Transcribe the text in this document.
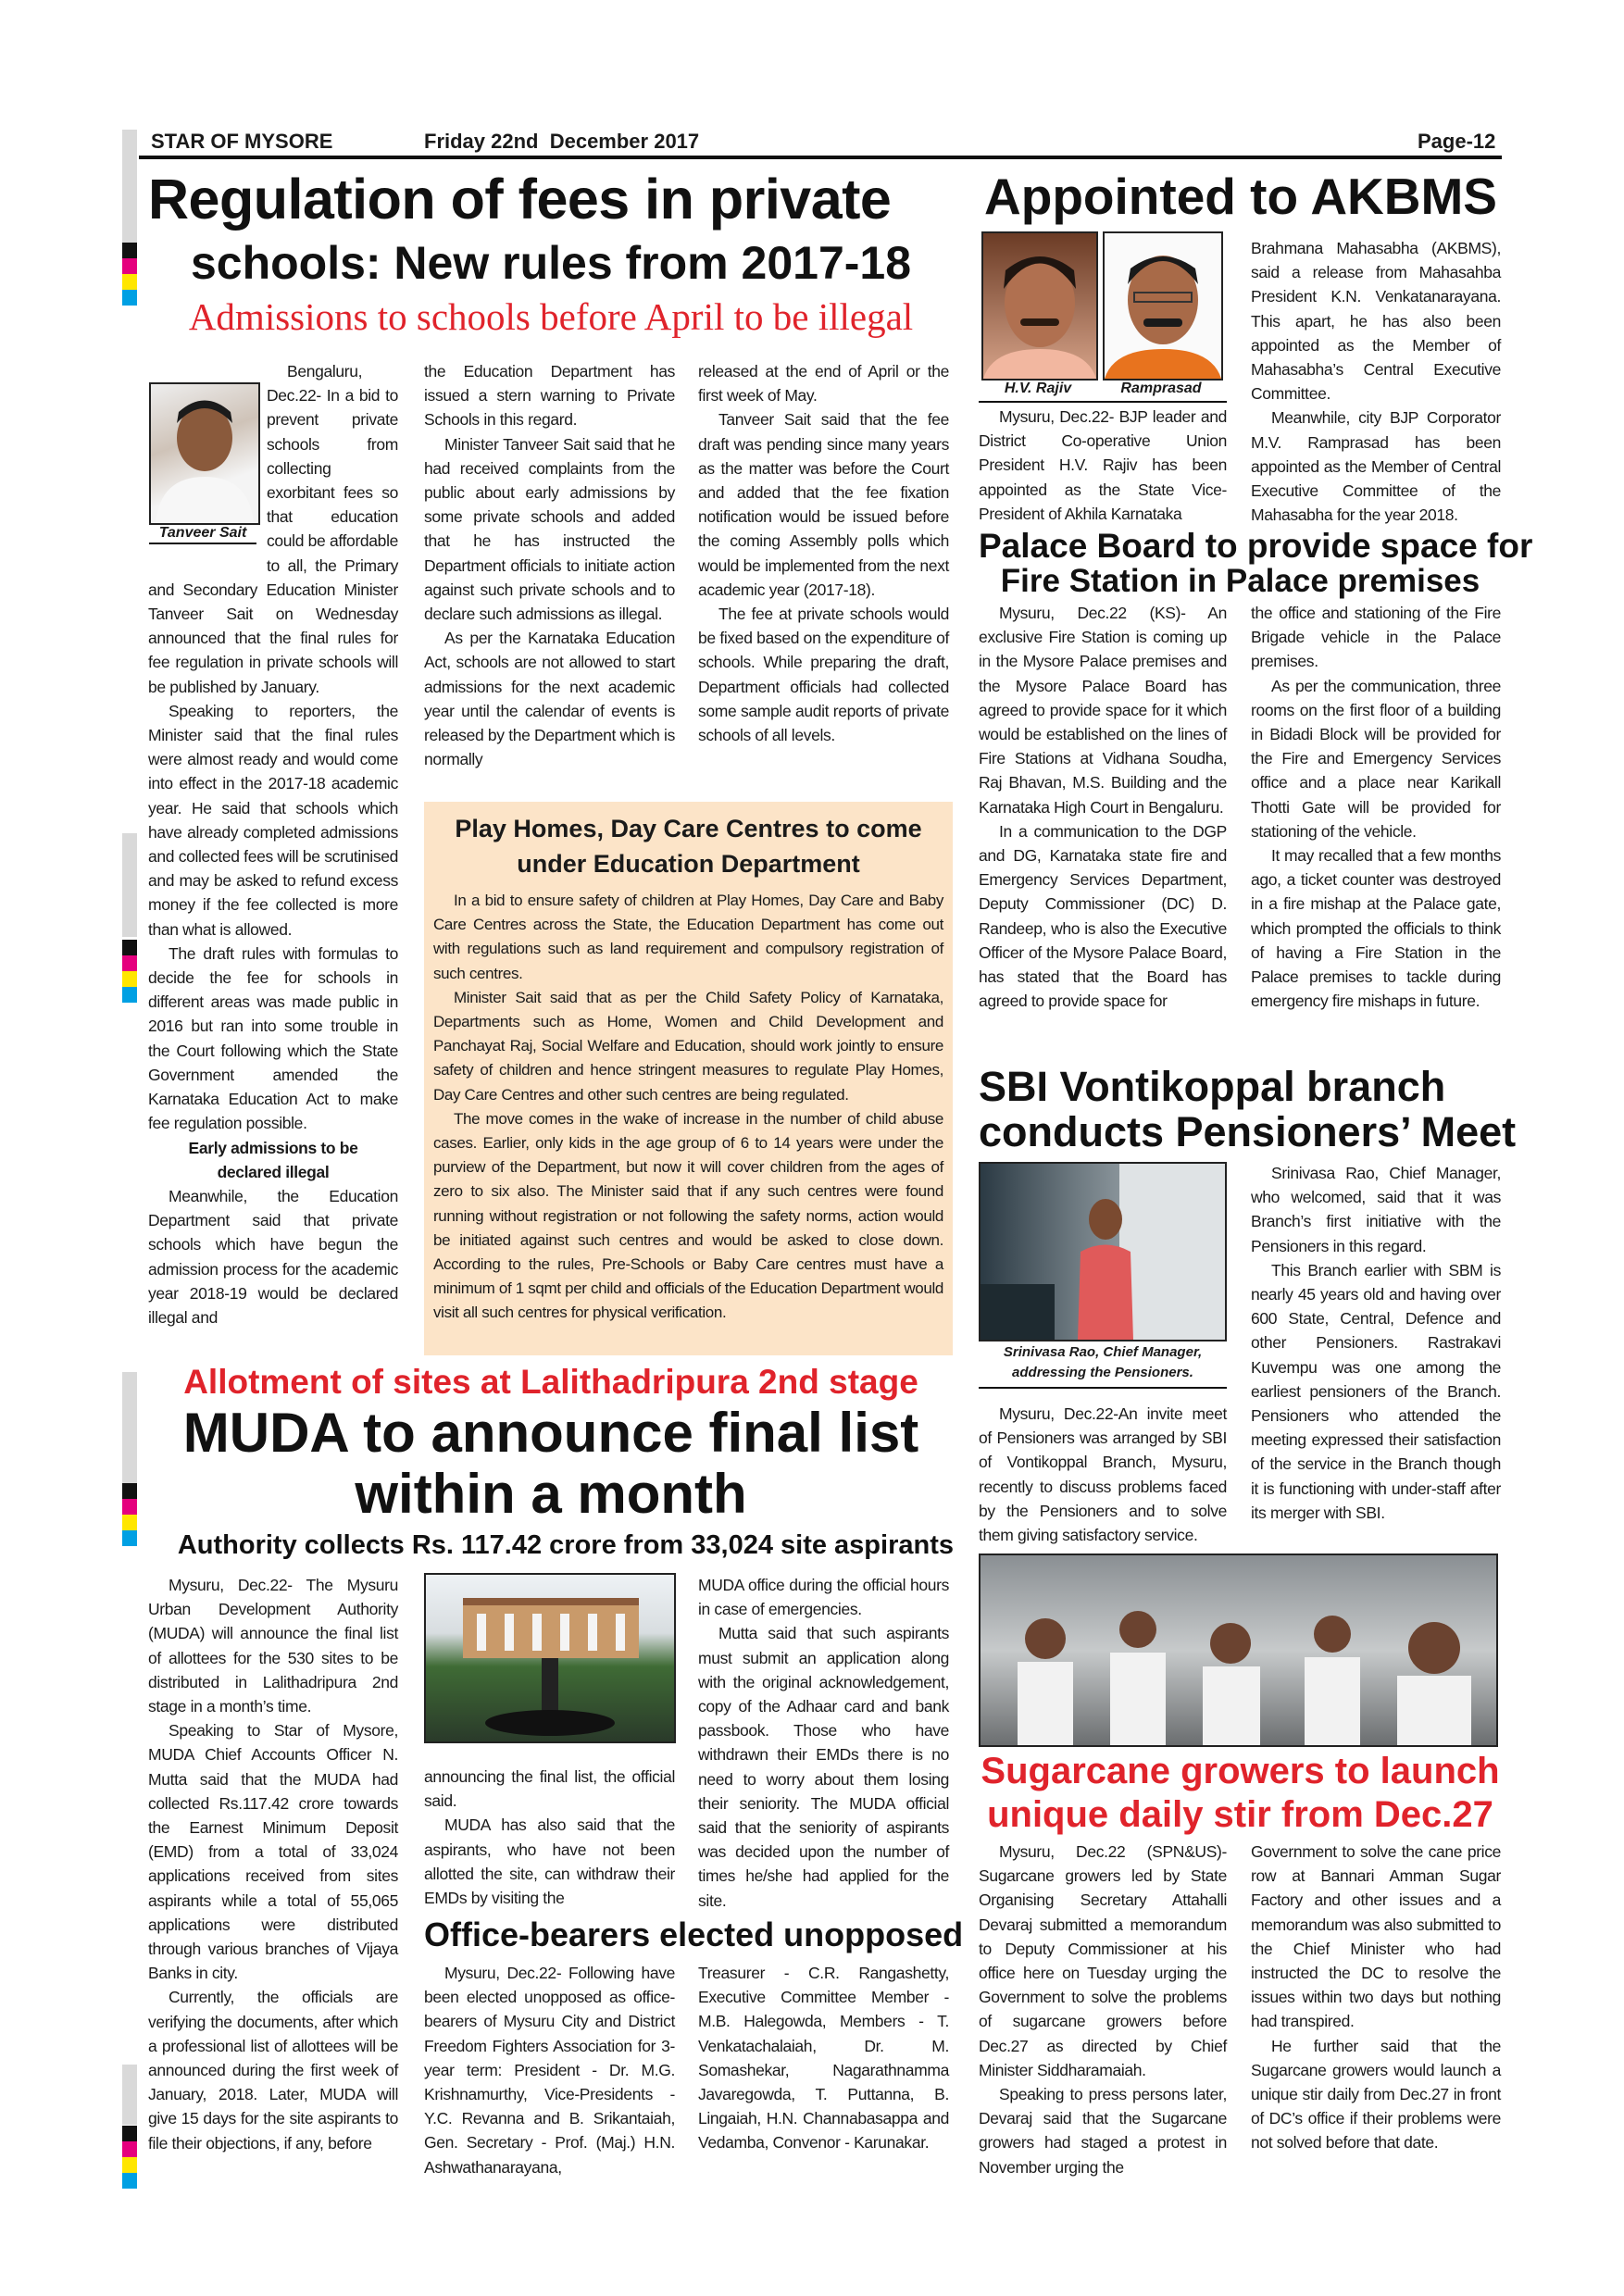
STAR OF MYSORE	Friday 22nd  December 2017	Page-12
Regulation of fees in private
schools: New rules from 2017-18
Admissions to schools before April to be illegal
Tanveer Sait

Bengaluru, Dec.22- In a bid to prevent private schools from collecting exorbitant fees so that education could be affordable to all, the Primary and Secondary Education Minister Tanveer Sait on Wednesday announced that the final rules for fee regulation in private schools will be published by January.

Speaking to reporters, the Minister said that the final rules were almost ready and would come into effect in the 2017-18 academic year. He said that schools which have already completed admissions and collected fees will be scrutinised and may be asked to refund excess money if the fee collected is more than what is allowed.

The draft rules with formulas to decide the fee for schools in different areas was made public in 2016 but ran into some trouble in the Court following which the State Government amended the Karnataka Education Act to make fee regulation possible.

Early admissions to be declared illegal

Meanwhile, the Education Department said that private schools which have begun the admission process for the academic year 2018-19 would be declared illegal and

the Education Department has issued a stern warning to Private Schools in this regard.

Minister Tanveer Sait said that he had received complaints from the public about early admissions by some private schools and added that he has instructed the Department officials to initiate action against such private schools and to declare such admissions as illegal.

As per the Karnataka Education Act, schools are not allowed to start admissions for the next academic year until the calendar of events is released by the Department which is normally

released at the end of April or the first week of May.

Tanveer Sait said that the fee draft was pending since many years as the matter was before the Court and added that the fee fixation notification would be issued before the coming Assembly polls which would be implemented from the next academic year (2017-18).

The fee at private schools would be fixed based on the expenditure of schools. While preparing the draft, Department officials had collected some sample audit reports of private schools of all levels.

Play Homes, Day Care Centres to come
under Education Department

In a bid to ensure safety of children at Play Homes, Day Care and Baby Care Centres across the State, the Education Department has come out with regulations such as land requirement and compulsory registration of such centres.

Minister Sait said that as per the Child Safety Policy of Karnataka, Departments such as Home, Women and Child Development and Panchayat Raj, Social Welfare and Education, should work jointly to ensure safety of children and hence stringent measures to regulate Play Homes, Day Care Centres and other such centres are being regulated.

The move comes in the wake of increase in the number of child abuse cases. Earlier, only kids in the age group of 6 to 14 years were under the purview of the Department, but now it will cover children from the ages of zero to six also. The Minister said that if any such centres were found running without registration or not following the safety norms, action would be initiated against such centres and would be asked to close down. According to the rules, Pre-Schools or Baby Care centres must have a minimum of 1 sqmt per child and officials of the Education Department would visit all such centres for physical verification.

Appointed to AKBMS
H.V. Rajiv	Ramprasad

Mysuru, Dec.22- BJP leader and District Co-operative Union President H.V. Rajiv has been appointed as the State Vice-President of Akhila Karnataka

Brahmana Mahasabha (AKBMS), said a release from Mahasahba President K.N. Venkatanarayana. This apart, he has also been appointed as the Member of Mahasabha’s Central Executive Committee.

Meanwhile, city BJP Corporator M.V. Ramprasad has been appointed as the Member of Central Executive Committee of the Mahasabha for the year 2018.

Palace Board to provide space for
Fire Station in Palace premises

Mysuru, Dec.22 (KS)- An exclusive Fire Station is coming up in the Mysore Palace premises and the Mysore Palace Board has agreed to provide space for it which would be established on the lines of Fire Stations at Vidhana Soudha, Raj Bhavan, M.S. Building and the Karnataka High Court in Bengaluru.

In a communication to the DGP and DG, Karnataka state fire and Emergency Services Department, Deputy Commissioner (DC) D. Randeep, who is also the Executive Officer of the Mysore Palace Board, has stated that the Board has agreed to provide space for

the office and stationing of the Fire Brigade vehicle in the Palace premises.

As per the communication, three rooms on the first floor of a building in Bidadi Block will be provided for the Fire and Emergency Services office and a place near Karikall Thotti Gate will be provided for stationing of the vehicle.

It may recalled that a few months ago, a ticket counter was destroyed in a fire mishap at the Palace gate, which prompted the officials to think of having a Fire Station in the Palace premises to tackle during emergency fire mishaps in future.

SBI Vontikoppal branch
conducts Pensioners’ Meet
Srinivasa Rao, Chief Manager, addressing the Pensioners.

Mysuru, Dec.22-An invite meet of Pensioners was arranged by SBI of Vontikoppal Branch, Mysuru, recently to discuss problems faced by the Pensioners and to solve them giving satisfactory service.

Srinivasa Rao, Chief Manager, who welcomed, said that it was Branch’s first initiative with the Pensioners in this regard.

This Branch earlier with SBM is nearly 45 years old and having over 600 State, Central, Defence and other Pensioners. Rastrakavi Kuvempu was one among the earliest pensioners of the Branch. Pensioners who attended the meeting expressed their satisfaction of the service in the Branch though it is functioning with under-staff after its merger with SBI.

Sugarcane growers to launch
unique daily stir from Dec.27

Mysuru, Dec.22 (SPN&US)- Sugarcane growers led by State Organising Secretary Attahalli Devaraj submitted a memorandum to Deputy Commissioner at his office here on Tuesday urging the Government to solve the problems of sugarcane growers before Dec.27 as directed by Chief Minister Siddharamaiah.

Speaking to press persons later, Devaraj said that the Sugarcane growers had staged a protest in November urging the

Government to solve the cane price row at Bannari Amman Sugar Factory and other issues and a memorandum was also submitted to the Chief Minister who had instructed the DC to resolve the issues within two days but nothing had transpired.

He further said that the Sugarcane growers would launch a unique stir daily from Dec.27 in front of DC’s office if their problems were not solved before that date.

Allotment of sites at Lalithadripura 2nd stage
MUDA to announce final list
within a month
Authority collects Rs. 117.42 crore from 33,024 site aspirants

Mysuru, Dec.22- The Mysuru Urban Development Authority (MUDA) will announce the final list of allottees for the 530 sites to be distributed in Lalithadripura 2nd stage in a month’s time.

Speaking to Star of Mysore, MUDA Chief Accounts Officer N. Mutta said that the MUDA had collected Rs.117.42 crore towards the Earnest Minimum Deposit (EMD) from a total of 33,024 applications received from sites aspirants while a total of 55,065 applications were distributed through various branches of Vijaya Banks in city.

Currently, the officials are verifying the documents, after which a professional list of allottees will be announced during the first week of January, 2018. Later, MUDA will give 15 days for the site aspirants to file their objections, if any, before

announcing the final list, the official said.

MUDA has also said that the aspirants, who have not been allotted the site, can withdraw their EMDs by visiting the

MUDA office during the official hours in case of emergencies.

Mutta said that such aspirants must submit an application along with the original acknowledgement, copy of the Adhaar card and bank passbook. Those who have withdrawn their EMDs there is no need to worry about them losing their seniority. The MUDA official said that the seniority of aspirants was decided upon the number of times he/she had applied for the site.

Office-bearers elected unopposed

Mysuru, Dec.22- Following have been elected unopposed as office-bearers of Mysuru City and District Freedom Fighters Association for 3-year term: President - Dr. M.G. Krishnamurthy, Vice-Presidents - Y.C. Revanna and B. Srikantaiah, Gen. Secretary - Prof. (Maj.) H.N. Ashwathanarayana,

Treasurer - C.R. Rangashetty, Executive Committee Member - M.B. Halegowda, Members - T. Venkatachalaiah, Dr. M. Somashekar, Nagarathnamma Javaregowda, T. Puttanna, B. Lingaiah, H.N. Channabasappa and Vedamba, Convenor - Karunakar.
